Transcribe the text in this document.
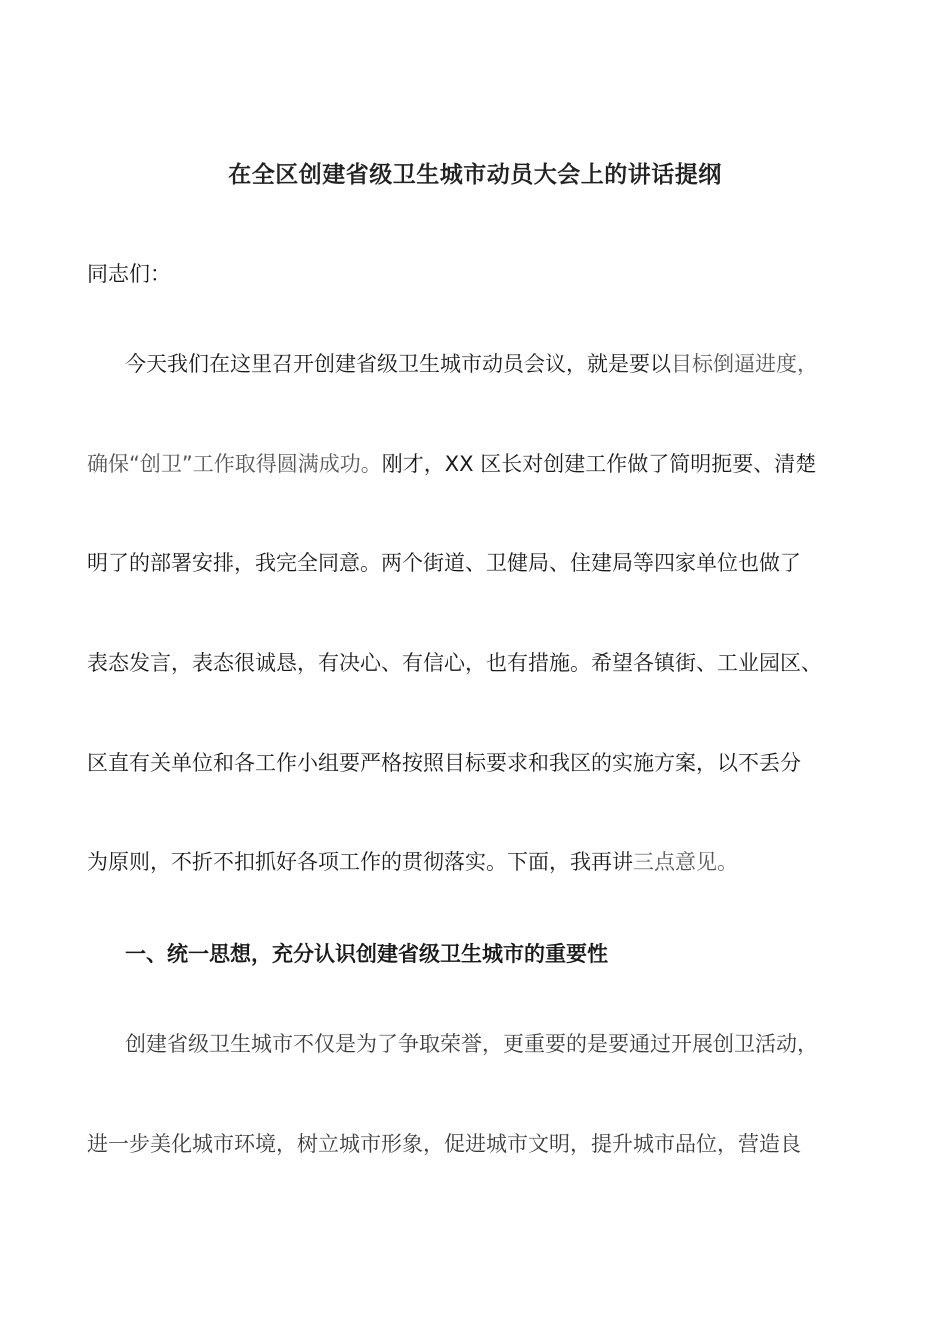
在全区创建省级卫生城市动员大会上的讲话提纲
同志们：
今天我们在这里召开创建省级卫生城市动员会议，就是要以目标倒逼进度，
确保“创卫”工作取得圆满成功。刚才，XX 区长对创建工作做了简明扼要、清楚
明了的部署安排，我完全同意。两个街道、卫健局、住建局等四家单位也做了
表态发言，表态很诚恳，有决心、有信心，也有措施。希望各镇街、工业园区、
区直有关单位和各工作小组要严格按照目标要求和我区的实施方案，以不丢分
为原则，不折不扣抓好各项工作的贯彻落实。下面，我再讲三点意见。
一、统一思想，充分认识创建省级卫生城市的重要性
创建省级卫生城市不仅是为了争取荣誉，更重要的是要通过开展创卫活动，
进一步美化城市环境，树立城市形象，促进城市文明，提升城市品位，营造良
